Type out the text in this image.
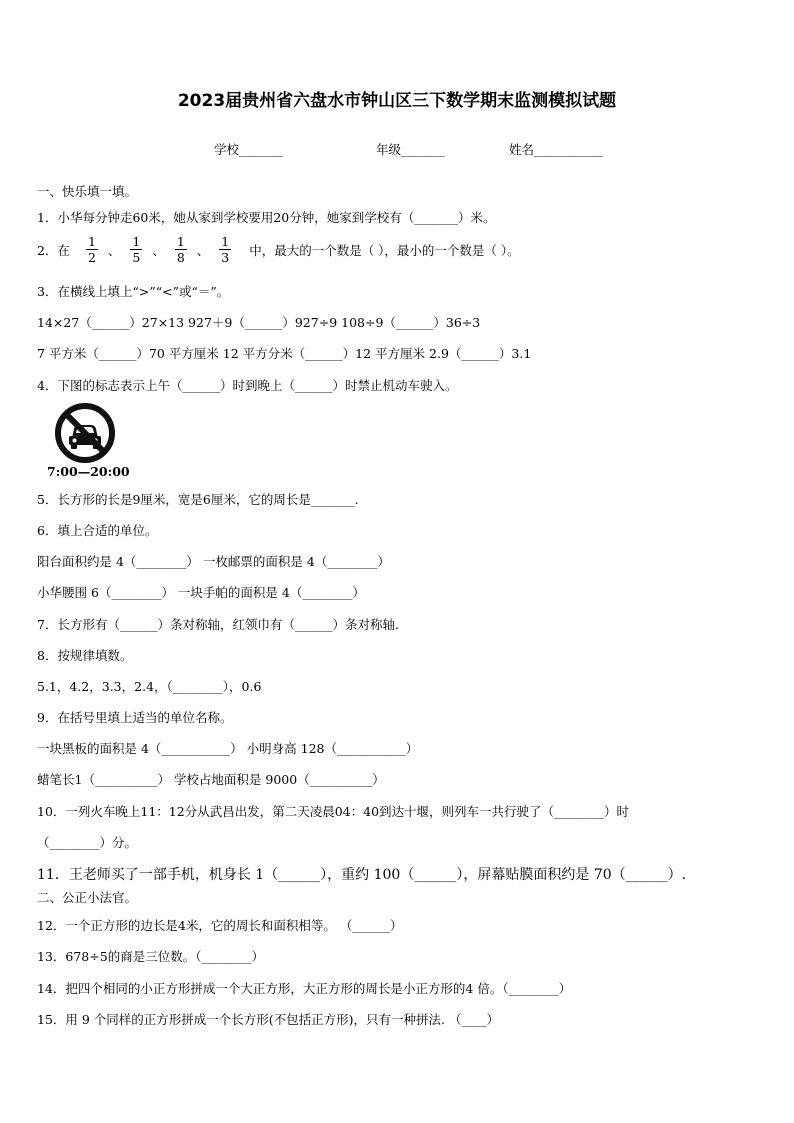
2023届贵州省六盘水市钟山区三下数学期末监测模拟试题
学校_______	年级_______	姓名___________
一、快乐填一填。
1．小华每分钟走60米，她从家到学校要用20分钟，她家到学校有（_______）米。
2．在 $\frac{1}{2}$ 、 $\frac{1}{5}$ 、 $\frac{1}{8}$ 、 $\frac{1}{3}$ 中，最大的一个数是（ ），最小的一个数是（ ）。
3．在横线上填上“>”“<”或“＝”。
14×27（______）27×13 927＋9（______）927÷9 108÷9（______）36÷3
7 平方米（______）70 平方厘米 12 平方分米（______）12 平方厘米 2.9（______）3.1
4．下图的标志表示上午（______）时到晚上（______）时禁止机动车驶入。
7:00—20:00
5．长方形的长是9厘米，宽是6厘米，它的周长是_______.
6．填上合适的单位。
阳台面积约是 4（________） 一枚邮票的面积是 4（________）
小华腰围 6（________） 一块手帕的面积是 4（________）
7．长方形有（______）条对称轴，红领巾有（______）条对称轴.
8．按规律填数。
5.1，4.2，3.3，2.4，（________），0.6
9．在括号里填上适当的单位名称。
一块黑板的面积是 4（___________） 小明身高 128（___________）
蜡笔长1（__________） 学校占地面积是 9000（__________）
10．一列火车晚上11：12分从武昌出发，第二天凌晨04：40到达十堰，则列车一共行驶了（________）时
（________）分。
11．王老师买了一部手机，机身长 1（______），重约 100（______），屏幕贴膜面积约是 70（______）.
二、公正小法官。
12．一个正方形的边长是4米，它的周长和面积相等。 （______）
13．678÷5的商是三位数。（________）
14．把四个相同的小正方形拼成一个大正方形，大正方形的周长是小正方形的4 倍。（________）
15．用 9 个同样的正方形拼成一个长方形(不包括正方形)，只有一种拼法. （____）
